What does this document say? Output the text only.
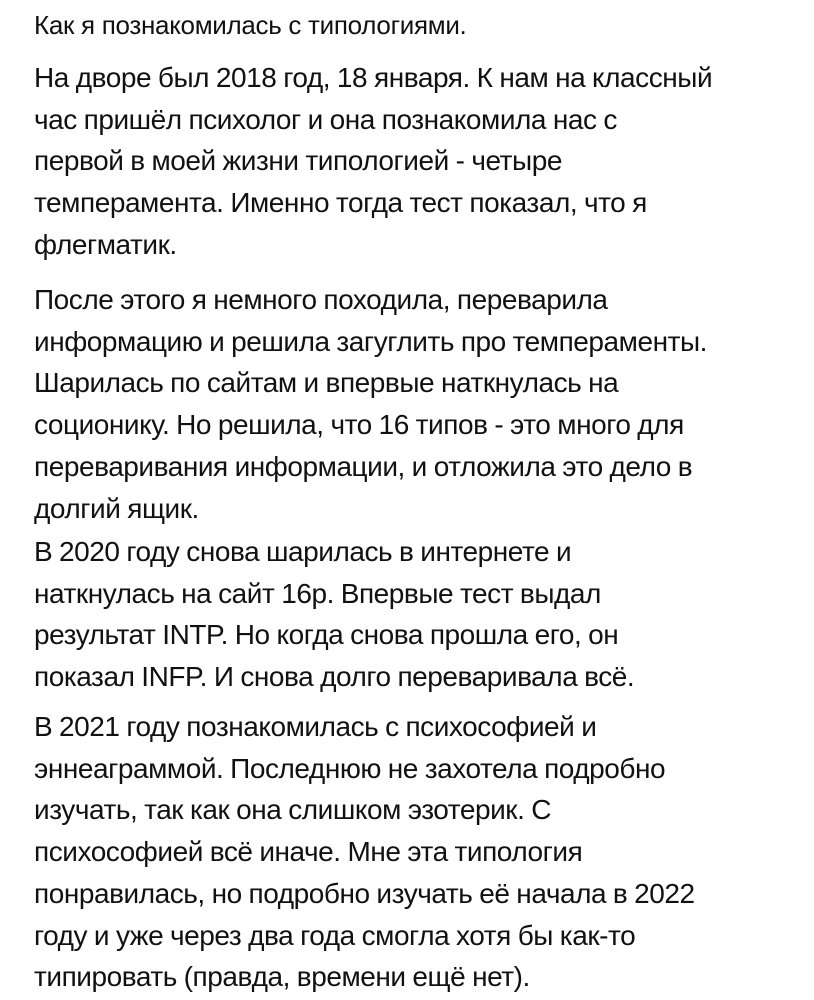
Как я познакомилась с типологиями.

На дворе был 2018 год, 18 января. К нам на классный
час пришёл психолог и она познакомила нас с
первой в моей жизни типологией - четыре
темперамента. Именно тогда тест показал, что я
флегматик.

После этого я немного походила, переварила
информацию и решила загуглить про темпераменты.
Шарилась по сайтам и впервые наткнулась на
соционику. Но решила, что 16 типов - это много для
переваривания информации, и отложила это дело в
долгий ящик.

В 2020 году снова шарилась в интернете и
наткнулась на сайт 16р. Впервые тест выдал
результат INTP. Но когда снова прошла его, он
показал INFP. И снова долго переваривала всё.

В 2021 году познакомилась с психософией и
эннеаграммой. Последнюю не захотела подробно
изучать, так как она слишком эзотерик. С
психософией всё иначе. Мне эта типология
понравилась, но подробно изучать её начала в 2022
году и уже через два года смогла хотя бы как-то
типировать (правда, времени ещё нет).
